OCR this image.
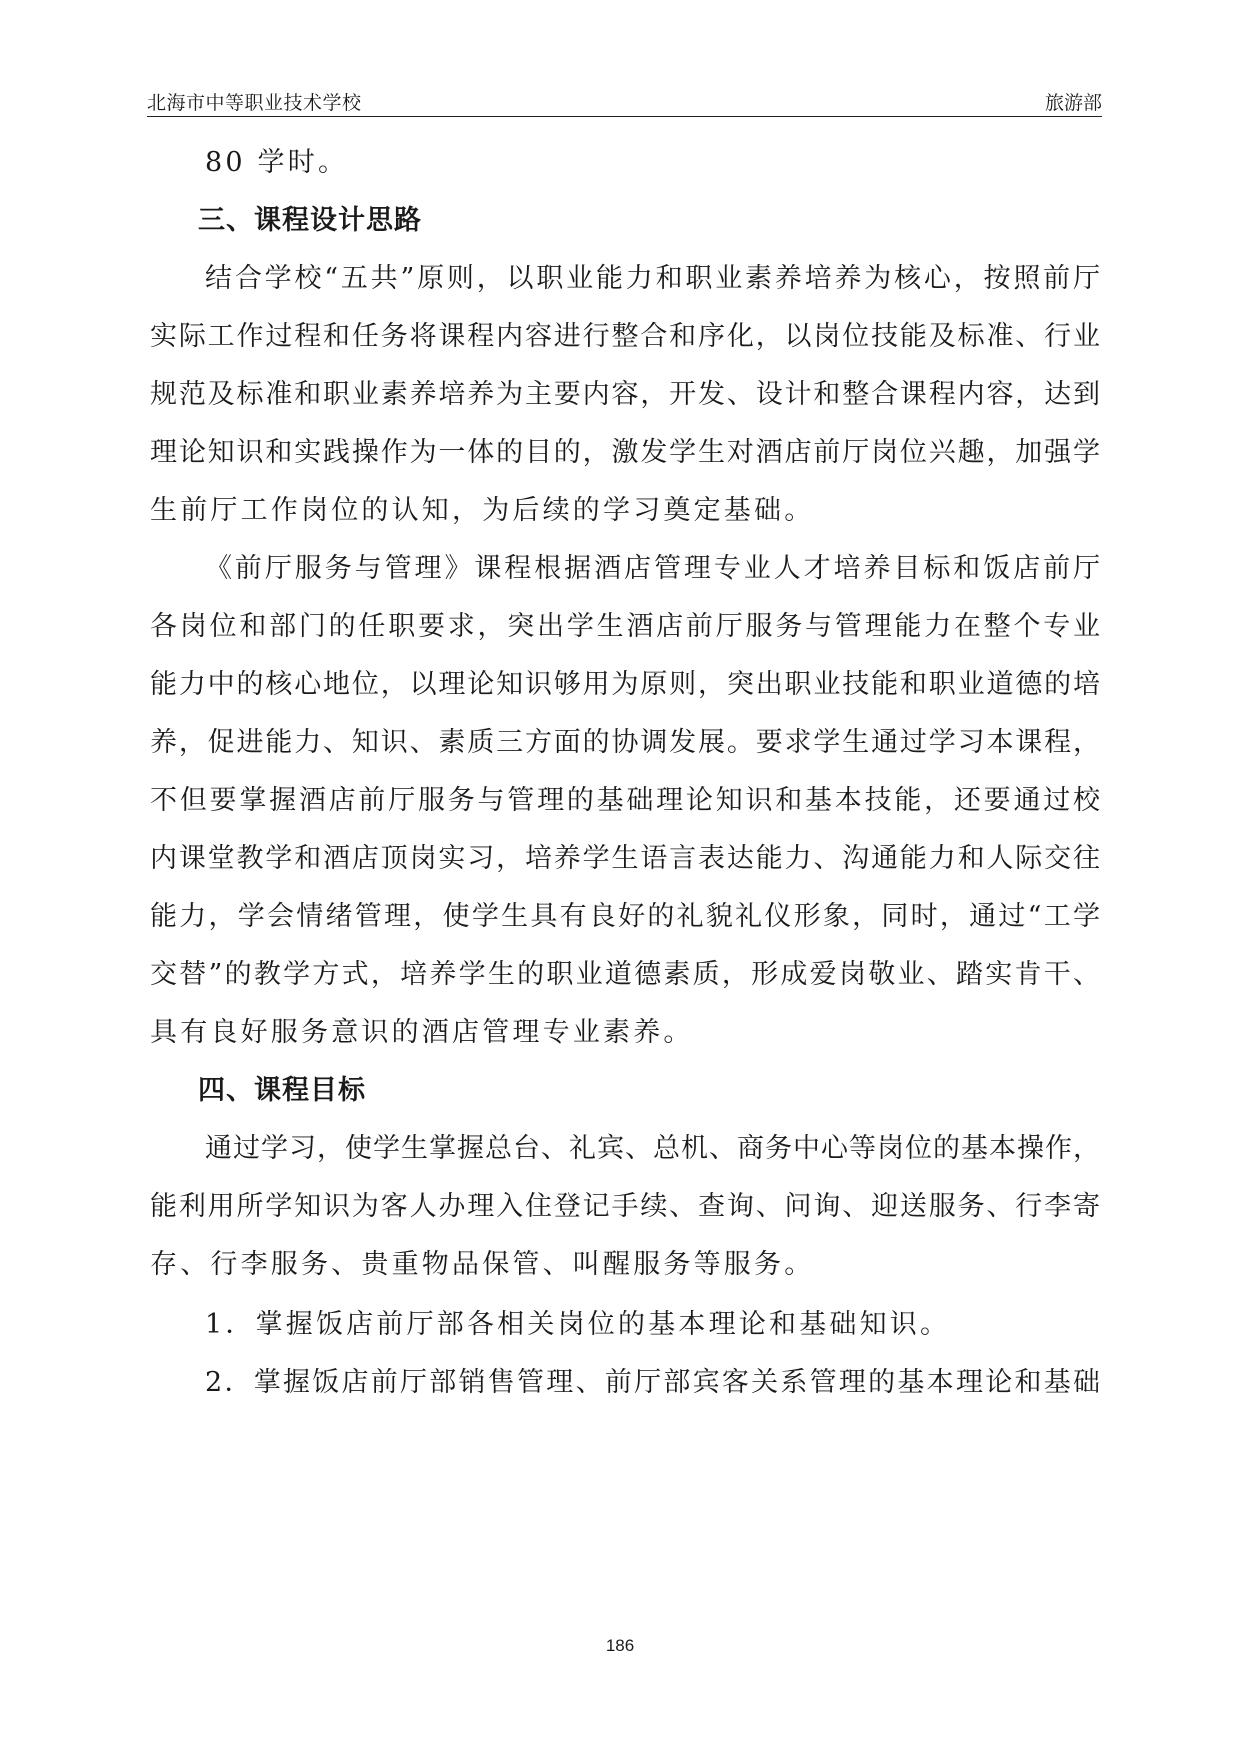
北海市中等职业技术学校	旅游部
80 学时。
三、课程设计思路
结合学校“五共”原则，以职业能力和职业素养培养为核心，按照前厅
实际工作过程和任务将课程内容进行整合和序化，以岗位技能及标准、行业
规范及标准和职业素养培养为主要内容，开发、设计和整合课程内容，达到
理论知识和实践操作为一体的目的，激发学生对酒店前厅岗位兴趣，加强学
生前厅工作岗位的认知，为后续的学习奠定基础。
《前厅服务与管理》课程根据酒店管理专业人才培养目标和饭店前厅
各岗位和部门的任职要求，突出学生酒店前厅服务与管理能力在整个专业
能力中的核心地位，以理论知识够用为原则，突出职业技能和职业道德的培
养，促进能力、知识、素质三方面的协调发展。要求学生通过学习本课程，
不但要掌握酒店前厅服务与管理的基础理论知识和基本技能，还要通过校
内课堂教学和酒店顶岗实习，培养学生语言表达能力、沟通能力和人际交往
能力，学会情绪管理，使学生具有良好的礼貌礼仪形象，同时，通过“工学
交替”的教学方式，培养学生的职业道德素质，形成爱岗敬业、踏实肯干、
具有良好服务意识的酒店管理专业素养。
四、课程目标
通过学习，使学生掌握总台、礼宾、总机、商务中心等岗位的基本操作，
能利用所学知识为客人办理入住登记手续、查询、问询、迎送服务、行李寄
存、行李服务、贵重物品保管、叫醒服务等服务。
1．掌握饭店前厅部各相关岗位的基本理论和基础知识。
2．掌握饭店前厅部销售管理、前厅部宾客关系管理的基本理论和基础
186
